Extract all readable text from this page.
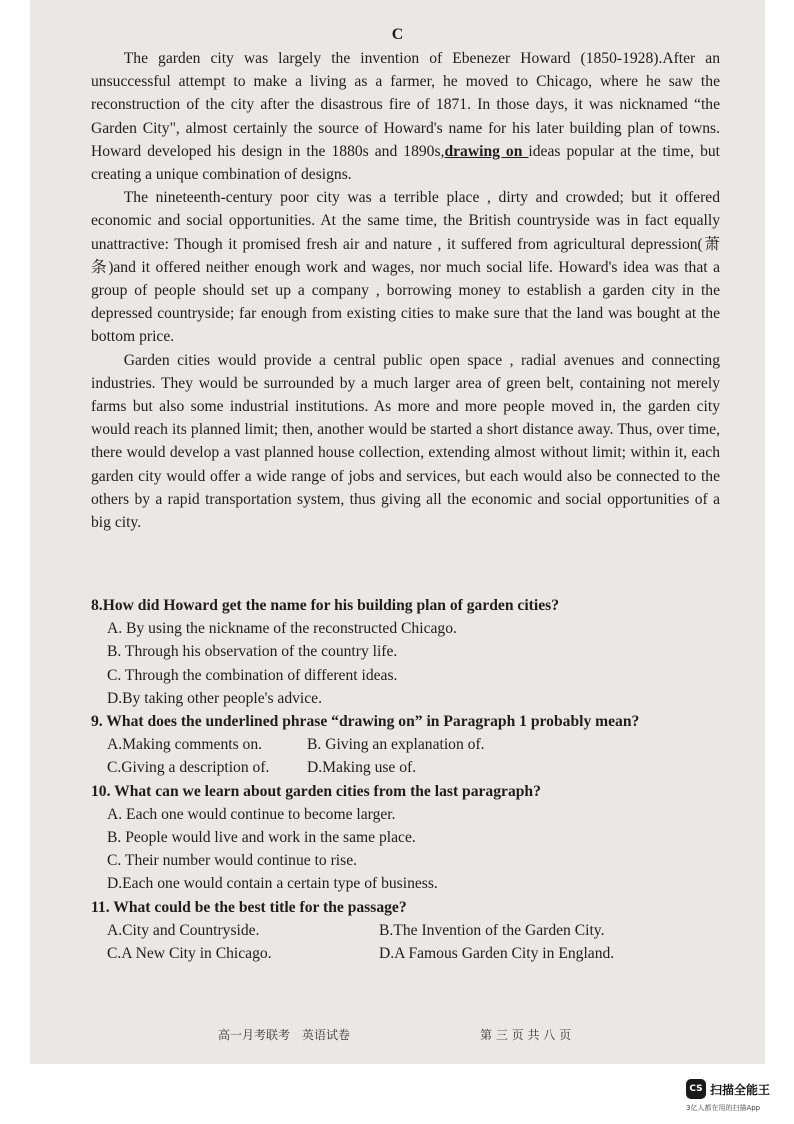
C

The garden city was largely the invention of Ebenezer Howard (1850-1928).After an unsuccessful attempt to make a living as a farmer, he moved to Chicago, where he saw the reconstruction of the city after the disastrous fire of 1871. In those days, it was nicknamed “the Garden City", almost certainly the source of Howard's name for his later building plan of towns. Howard developed his design in the 1880s and 1890s,drawing on ideas popular at the time, but creating a unique combination of designs.

The nineteenth-century poor city was a terrible place , dirty and crowded; but it offered economic and social opportunities. At the same time, the British countryside was in fact equally unattractive: Though it promised fresh air and nature , it suffered from agricultural depression(萧条)and it offered neither enough work and wages, nor much social life. Howard's idea was that a group of people should set up a company , borrowing money to establish a garden city in the depressed countryside; far enough from existing cities to make sure that the land was bought at the bottom price.

Garden cities would provide a central public open space , radial avenues and connecting industries. They would be surrounded by a much larger area of green belt, containing not merely farms but also some industrial institutions. As more and more people moved in, the garden city would reach its planned limit; then, another would be started a short distance away. Thus, over time, there would develop a vast planned house collection, extending almost without limit; within it, each garden city would offer a wide range of jobs and services, but each would also be connected to the others by a rapid transportation system, thus giving all the economic and social opportunities of a big city.

8.How did Howard get the name for his building plan of garden cities?

A. By using the nickname of the reconstructed Chicago.

B. Through his observation of the country life.

C. Through the combination of different ideas.

D.By taking other people's advice.

9. What does the underlined phrase “drawing on” in Paragraph 1 probably mean?

A.Making comments on.	B. Giving an explanation of.
C.Giving a description of.	D.Making use of.

10. What can we learn about garden cities from the last paragraph?

A. Each one would continue to become larger.

B. People would live and work in the same place.

C. Their number would continue to rise.

D.Each one would contain a certain type of business.

11. What could be the best title for the passage?

A.City and Countryside.	B.The Invention of the Garden City.
C.A New City in Chicago.	D.A Famous Garden City in England.
高一月考联考　英语试卷	第 三 页 共 八 页
CS 扫描全能王
3亿人都在用的扫描App
